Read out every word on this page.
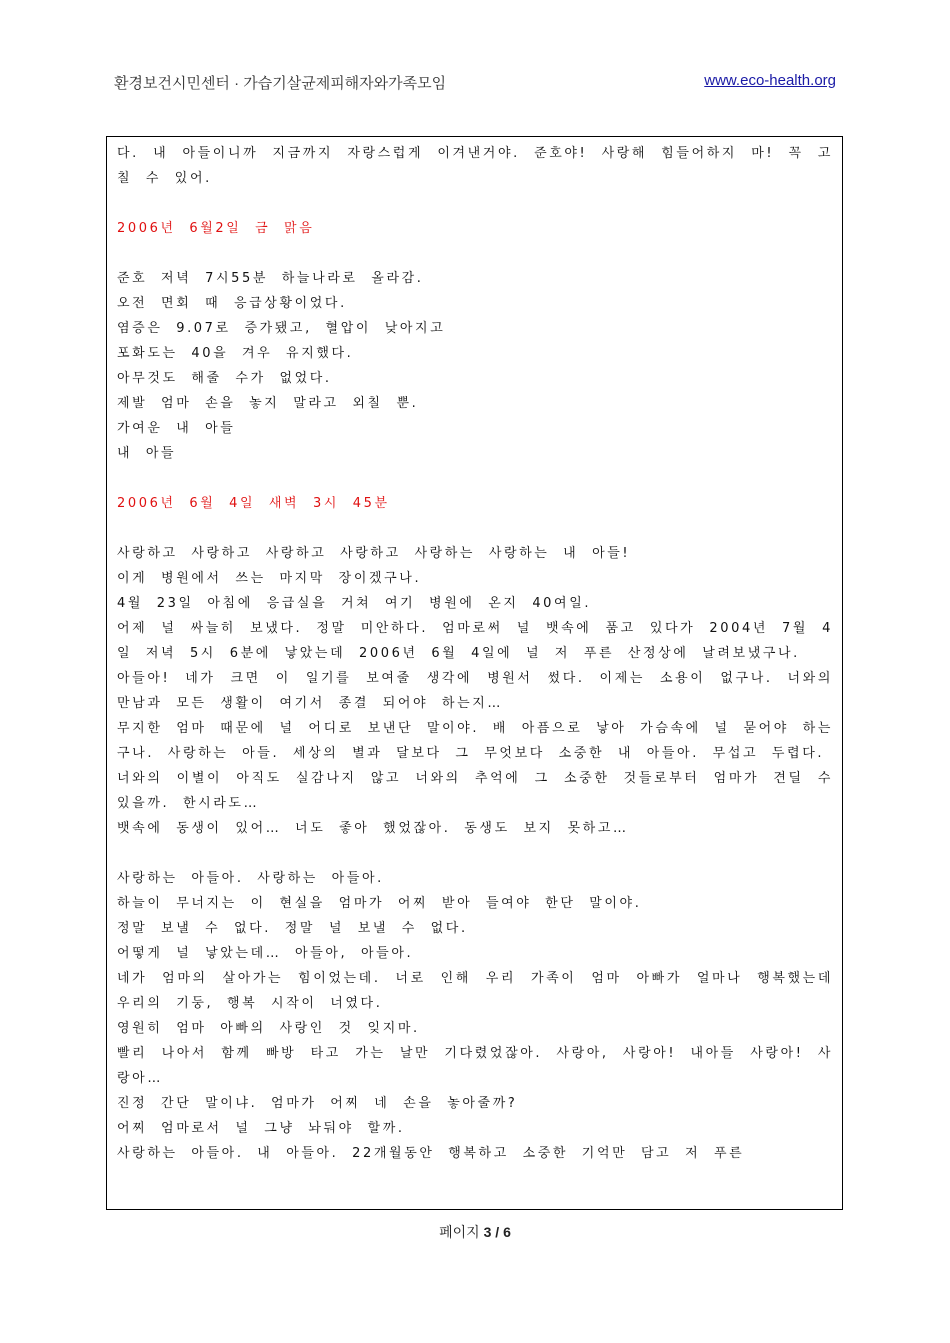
환경보건시민센터 · 가습기살균제피해자와가족모임	www.eco-health.org

다. 내 아들이니까 지금까지 자랑스럽게 이겨낸거야. 준호야! 사랑해 힘들어하지 마! 꼭 고칠 수 있어.

2006년 6월2일 금 맑음

준호 저녁 7시55분 하늘나라로 올라감.

오전 면회 때 응급상황이었다.

염증은 9.07로 증가됐고, 혈압이 낮아지고

포화도는 40을 겨우 유지했다.

아무것도 해줄 수가 없었다.

제발 엄마 손을 놓지 말라고 외칠 뿐.

가여운 내 아들

내 아들

2006년 6월 4일 새벽 3시 45분

사랑하고 사랑하고 사랑하고 사랑하고 사랑하는 사랑하는 내 아들!

이게 병원에서 쓰는 마지막 장이겠구나.

4월 23일 아침에 응급실을 거쳐 여기 병원에 온지 40여일.

어제 널 싸늘히 보냈다. 정말 미안하다. 엄마로써 널 뱃속에 품고 있다가 2004년 7월 4일 저녁 5시 6분에 낳았는데 2006년 6월 4일에 널 저 푸른 산정상에 날려보냈구나.

아들아! 네가 크면 이 일기를 보여줄 생각에 병원서 썼다. 이제는 소용이 없구나. 너와의 만남과 모든 생활이 여기서 종결 되어야 하는지…

무지한 엄마 때문에 널 어디로 보낸단 말이야. 배 아픔으로 낳아 가슴속에 널 묻어야 하는구나. 사랑하는 아들. 세상의 별과 달보다 그 무엇보다 소중한 내 아들아. 무섭고 두렵다.

너와의 이별이 아직도 실감나지 않고 너와의 추억에 그 소중한 것들로부터 엄마가 견딜 수 있을까. 한시라도…

뱃속에 동생이 있어… 너도 좋아 했었잖아. 동생도 보지 못하고…

사랑하는 아들아. 사랑하는 아들아.

하늘이 무너지는 이 현실을 엄마가 어찌 받아 들여야 한단 말이야.

정말 보낼 수 없다. 정말 널 보낼 수 없다.

어떻게 널 낳았는데… 아들아, 아들아.

네가 엄마의 살아가는 힘이었는데. 너로 인해 우리 가족이 엄마 아빠가 얼마나 행복했는데 우리의 기둥, 행복 시작이 너였다.

영원히 엄마 아빠의 사랑인 것 잊지마.

빨리 나아서 함께 빠방 타고 가는 날만 기다렸었잖아. 사랑아, 사랑아! 내아들 사랑아! 사랑아…

진정 간단 말이냐. 엄마가 어찌 네 손을 놓아줄까?

어찌 엄마로서 널 그냥 놔둬야 할까.

사랑하는 아들아. 내 아들아. 22개월동안 행복하고 소중한 기억만 담고 저 푸른

페이지 3 / 6
